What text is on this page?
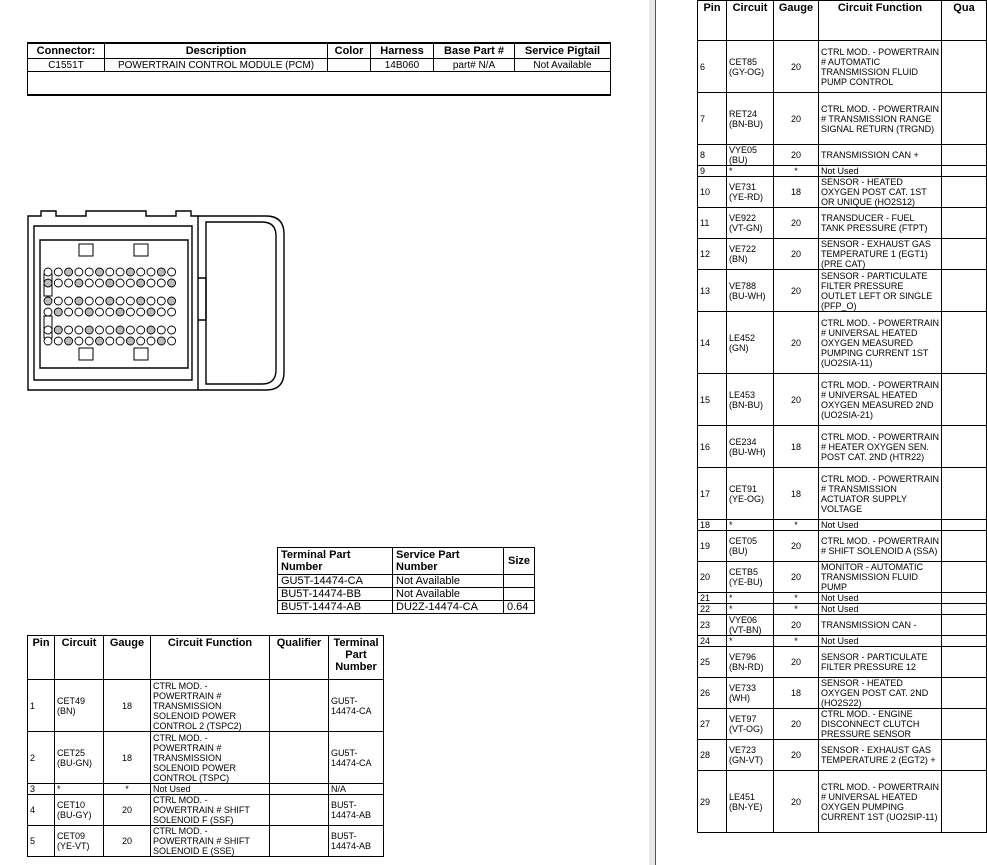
Connector:	Description	Color	Harness	Base Part #	Service Pigtail
C1551T	POWERTRAIN CONTROL MODULE (PCM)		14B060	part# N/A	Not Available

Terminal Part Number	Service Part Number	Size
GU5T-14474-CA	Not Available	
BU5T-14474-BB	Not Available	
BU5T-14474-AB	DU2Z-14474-CA	0.64
Pin	Circuit	Gauge	Circuit Function	Qualifier	Terminal Part Number
1	CET49 (BN)	18	CTRL MOD. - POWERTRAIN # TRANSMISSION SOLENOID POWER CONTROL 2 (TSPC2)		GU5T-14474-CA
2	CET25 (BU-GN)	18	CTRL MOD. - POWERTRAIN # TRANSMISSION SOLENOID POWER CONTROL (TSPC)		GU5T-14474-CA
3	*	*	Not Used		N/A
4	CET10 (BU-GY)	20	CTRL MOD. - POWERTRAIN # SHIFT SOLENOID F (SSF)		BU5T-14474-AB
5	CET09 (YE-VT)	20	CTRL MOD. - POWERTRAIN # SHIFT SOLENOID E (SSE)		BU5T-14474-AB
Pin	Circuit	Gauge	Circuit Function	Qua
6	CET85 (GY-OG)	20	CTRL MOD. - POWERTRAIN # AUTOMATIC TRANSMISSION FLUID PUMP CONTROL	
7	RET24 (BN-BU)	20	CTRL MOD. - POWERTRAIN # TRANSMISSION RANGE SIGNAL RETURN (TRGND)	
8	VYE05 (BU)	20	TRANSMISSION CAN +	
9	*	*	Not Used	
10	VE731 (YE-RD)	18	SENSOR - HEATED OXYGEN POST CAT. 1ST OR UNIQUE (HO2S12)	
11	VE922 (VT-GN)	20	TRANSDUCER - FUEL TANK PRESSURE (FTPT)	
12	VE722 (BN)	20	SENSOR - EXHAUST GAS TEMPERATURE 1 (EGT1) (PRE CAT)	
13	VE788 (BU-WH)	20	SENSOR - PARTICULATE FILTER PRESSURE OUTLET LEFT OR SINGLE (PFP_O)	
14	LE452 (GN)	20	CTRL MOD. - POWERTRAIN # UNIVERSAL HEATED OXYGEN MEASURED PUMPING CURRENT 1ST (UO2SIA-11)	
15	LE453 (BN-BU)	20	CTRL MOD. - POWERTRAIN # UNIVERSAL HEATED OXYGEN MEASURED 2ND (UO2SIA-21)	
16	CE234 (BU-WH)	18	CTRL MOD. - POWERTRAIN # HEATER OXYGEN SEN. POST CAT. 2ND (HTR22)	
17	CET91 (YE-OG)	18	CTRL MOD. - POWERTRAIN # TRANSMISSION ACTUATOR SUPPLY VOLTAGE	
18	*	*	Not Used	
19	CET05 (BU)	20	CTRL MOD. - POWERTRAIN # SHIFT SOLENOID A (SSA)	
20	CETB5 (YE-BU)	20	MONITOR - AUTOMATIC TRANSMISSION FLUID PUMP	
21	*	*	Not Used	
22	*	*	Not Used	
23	VYE06 (VT-BN)	20	TRANSMISSION CAN -	
24	*	*	Not Used	
25	VE796 (BN-RD)	20	SENSOR - PARTICULATE FILTER PRESSURE 12	
26	VE733 (WH)	18	SENSOR - HEATED OXYGEN POST CAT. 2ND (HO2S22)	
27	VET97 (VT-OG)	20	CTRL MOD. - ENGINE DISCONNECT CLUTCH PRESSURE SENSOR	
28	VE723 (GN-VT)	20	SENSOR - EXHAUST GAS TEMPERATURE 2 (EGT2) +	
29	LE451 (BN-YE)	20	CTRL MOD. - POWERTRAIN # UNIVERSAL HEATED OXYGEN PUMPING CURRENT 1ST (UO2SIP-11)	
